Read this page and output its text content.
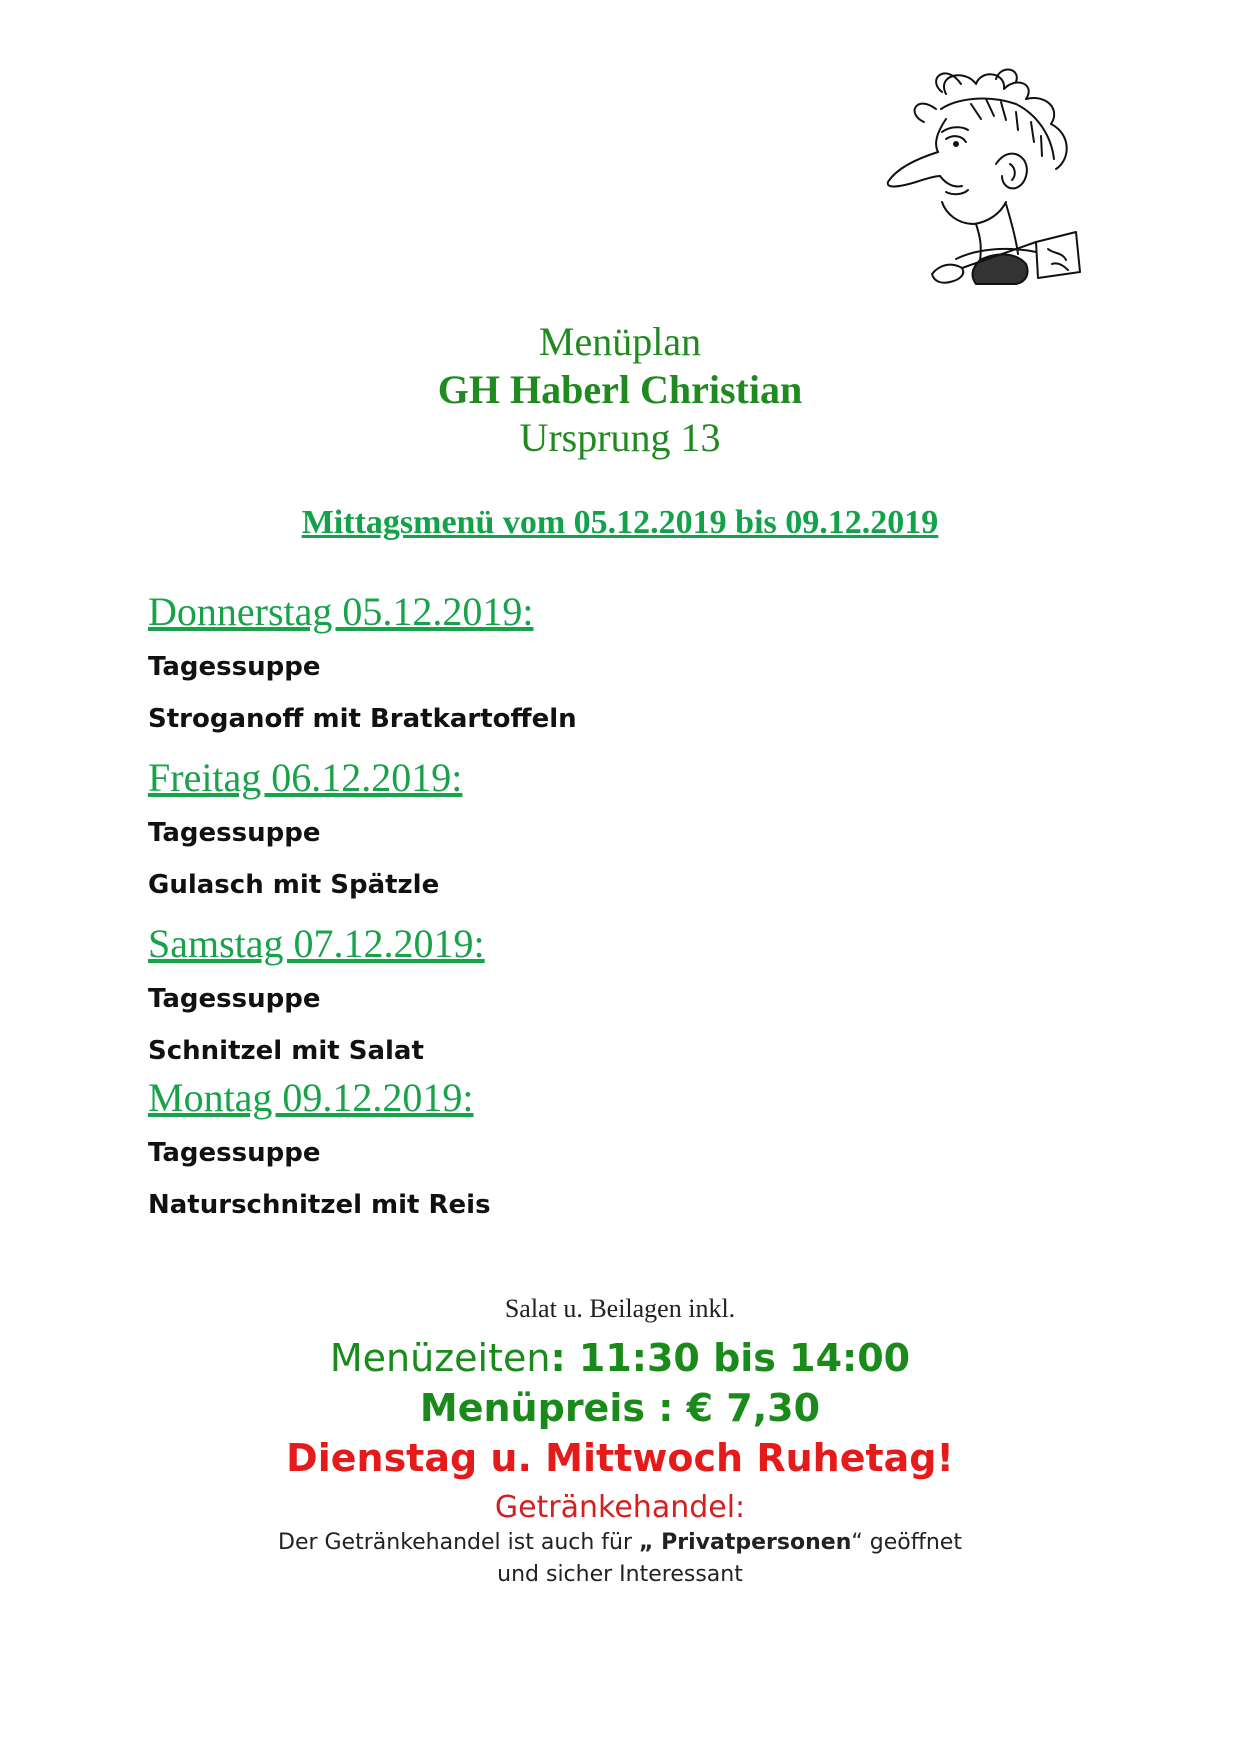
Menüplan
GH Haberl Christian
Ursprung 13
Mittagsmenü vom 05.12.2019 bis 09.12.2019
Donnerstag 05.12.2019:
Tagessuppe
Stroganoff mit Bratkartoffeln
Freitag 06.12.2019:
Tagessuppe
Gulasch mit Spätzle
Samstag 07.12.2019:
Tagessuppe
Schnitzel mit Salat
Montag 09.12.2019:
Tagessuppe
Naturschnitzel mit Reis
Salat u. Beilagen inkl.
Menüzeiten: 11:30 bis 14:00
Menüpreis : € 7,30
Dienstag u. Mittwoch Ruhetag!
Getränkehandel:
Der Getränkehandel ist auch für „ Privatpersonen“ geöffnet
und sicher Interessant
